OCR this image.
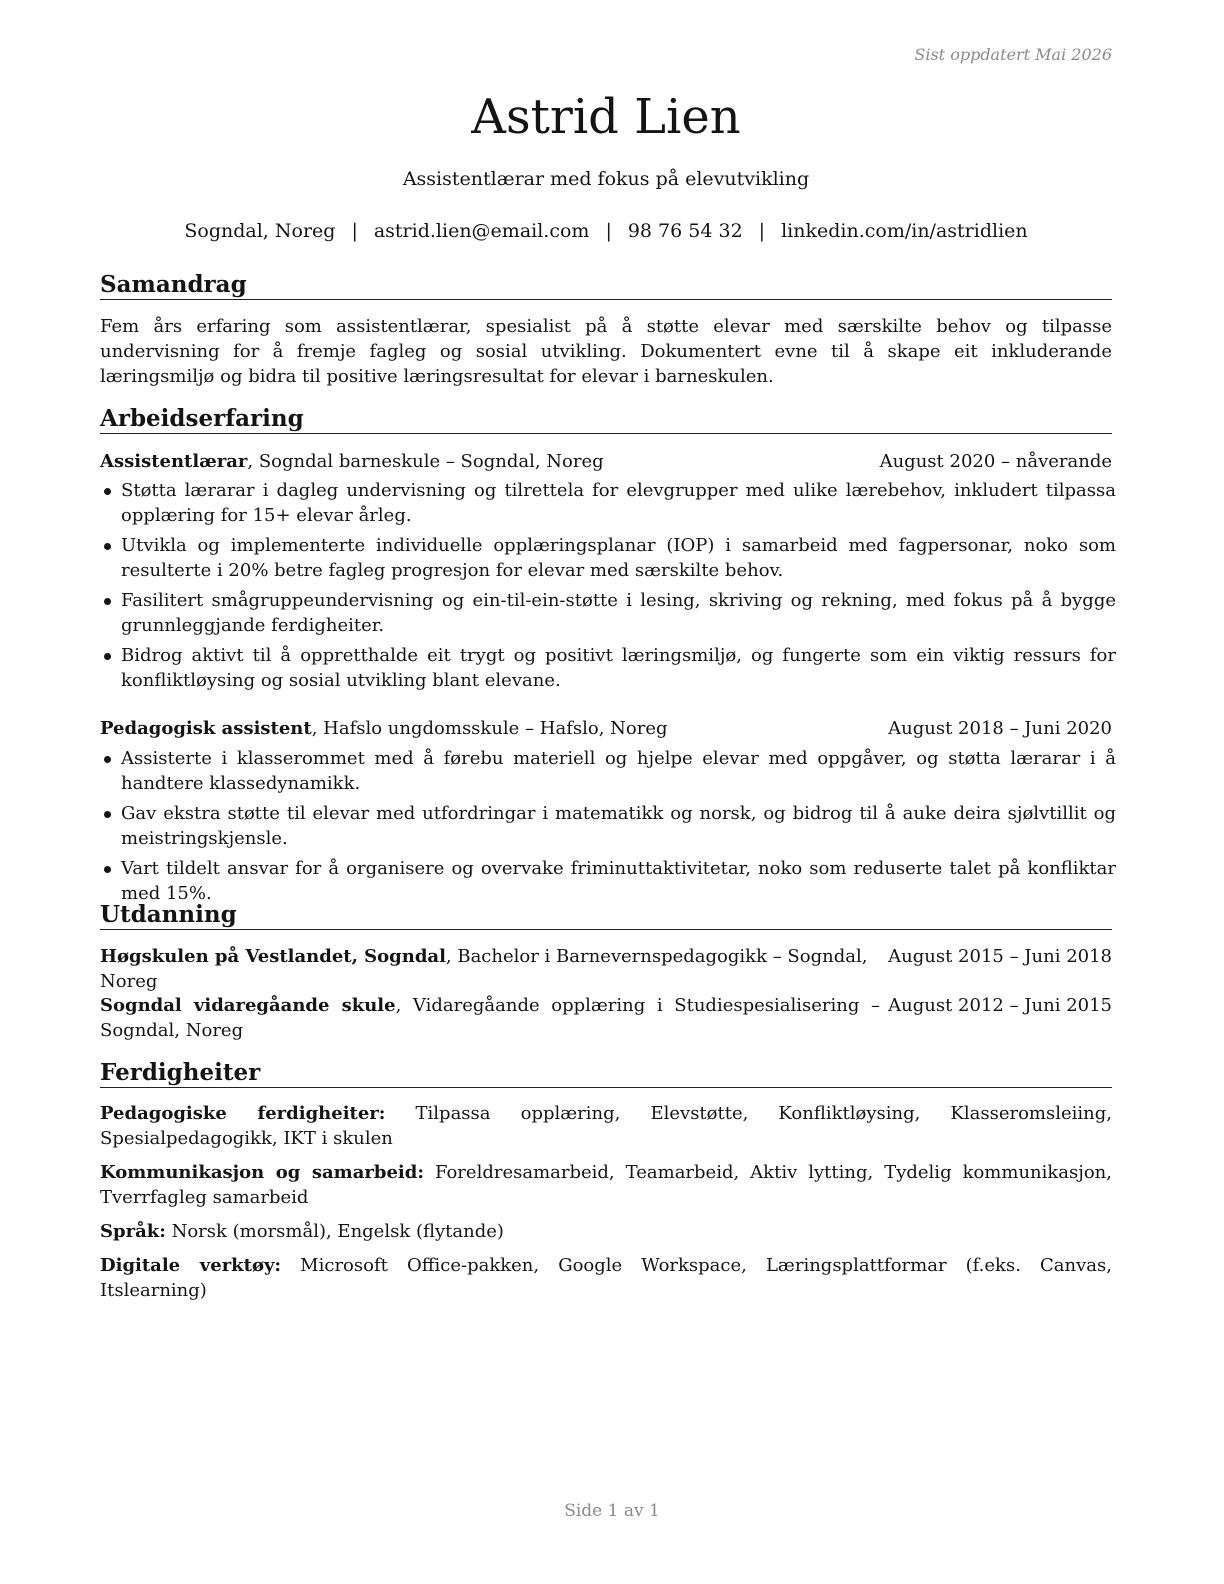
Sist oppdatert Mai 2026
Astrid Lien
Assistentlærar med fokus på elevutvikling
Sogndal, Noreg | astrid.lien@email.com | 98 76 54 32 | linkedin.com/in/astridlien
Samandrag
Fem års erfaring som assistentlærar, spesialist på å støtte elevar med særskilte behov og tilpasse undervisning for å fremje fagleg og sosial utvikling. Dokumentert evne til å skape eit inkluderande læringsmiljø og bidra til positive læringsresultat for elevar i barneskulen.
Arbeidserfaring
Assistentlærar, Sogndal barneskule – Sogndal, Noreg	August 2020 – nåverande
Støtta lærarar i dagleg undervisning og tilrettela for elevgrupper med ulike lærebehov, inkludert tilpassa opplæring for 15+ elevar årleg.
Utvikla og implementerte individuelle opplæringsplanar (IOP) i samarbeid med fagpersonar, noko som resulterte i 20% betre fagleg progresjon for elevar med særskilte behov.
Fasilitert smågruppeundervisning og ein-til-ein-støtte i lesing, skriving og rekning, med fokus på å bygge grunnleggjande ferdigheiter.
Bidrog aktivt til å oppretthalde eit trygt og positivt læringsmiljø, og fungerte som ein viktig ressurs for konfliktløysing og sosial utvikling blant elevane.
Pedagogisk assistent, Hafslo ungdomsskule – Hafslo, Noreg	August 2018 – Juni 2020
Assisterte i klasserommet med å førebu materiell og hjelpe elevar med oppgåver, og støtta lærarar i å handtere klassedynamikk.
Gav ekstra støtte til elevar med utfordringar i matematikk og norsk, og bidrog til å auke deira sjølvtillit og meistringskjensle.
Vart tildelt ansvar for å organisere og overvake friminuttaktivitetar, noko som reduserte talet på konfliktar med 15%.
Utdanning
Høgskulen på Vestlandet, Sogndal, Bachelor i Barnevernspedagogikk – Sogndal, Noreg
August 2015 – Juni 2018
Sogndal vidaregåande skule, Vidaregåande opplæring i Studiespesialisering – Sogndal, Noreg
August 2012 – Juni 2015
Ferdigheiter
Pedagogiske ferdigheiter: Tilpassa opplæring, Elevstøtte, Konfliktløysing, Klasseromsleiing, Spesialpedagogikk, IKT i skulen
Kommunikasjon og samarbeid: Foreldresamarbeid, Teamarbeid, Aktiv lytting, Tydelig kommunikasjon, Tverrfagleg samarbeid
Språk: Norsk (morsmål), Engelsk (flytande)
Digitale verktøy: Microsoft Office-pakken, Google Workspace, Læringsplattformar (f.eks. Canvas, Itslearning)
Side 1 av 1
